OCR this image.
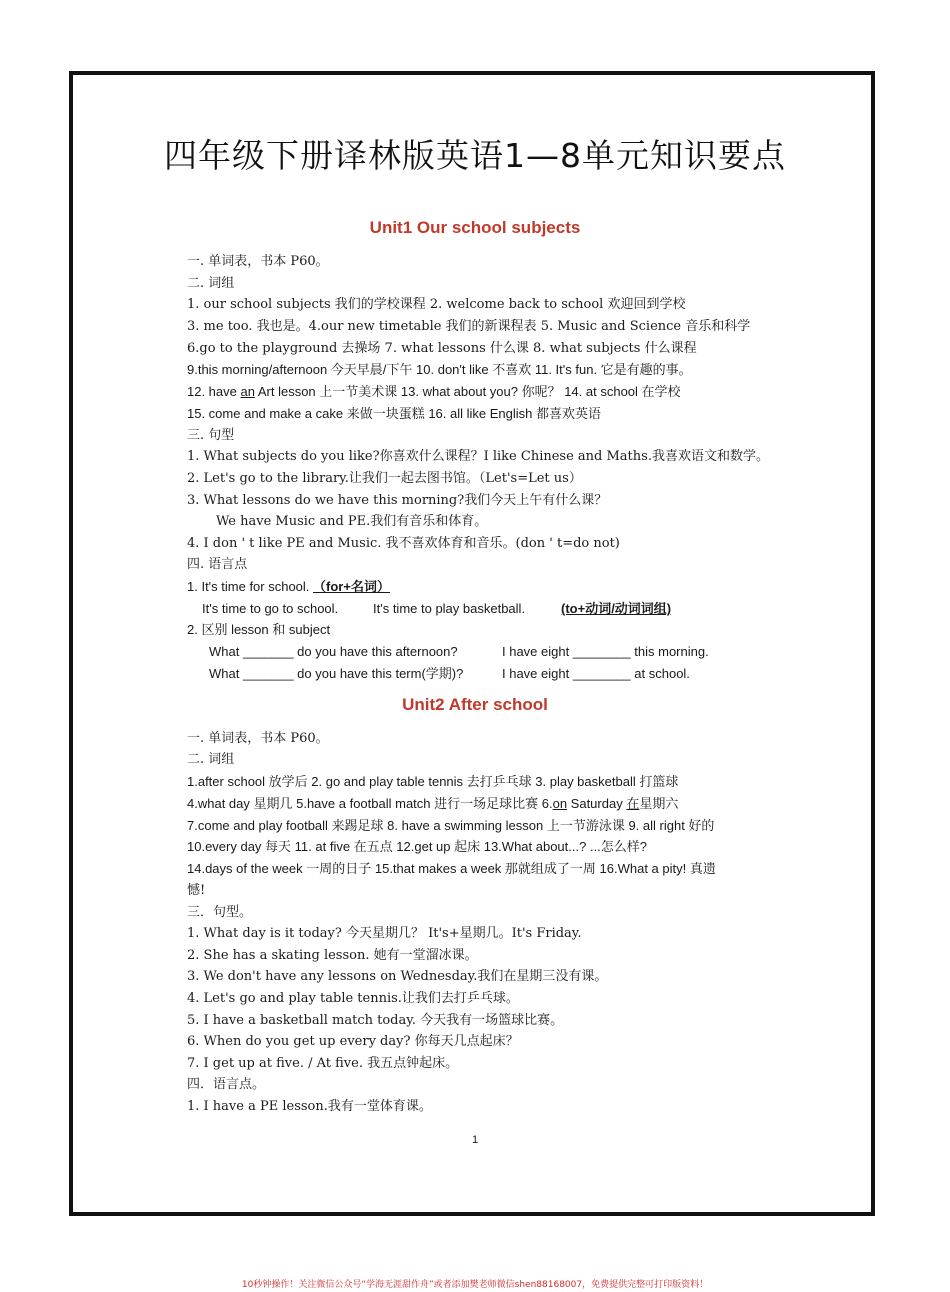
四年级下册译林版英语1—8单元知识要点
Unit1 Our school subjects
一. 单词表，书本 P60。
二. 词组
1. our school subjects 我们的学校课程 2. welcome back to school 欢迎回到学校
3. me too. 我也是。4.our new timetable 我们的新课程表 5. Music and Science 音乐和科学
6.go to the playground 去操场 7. what lessons 什么课 8. what subjects 什么课程
9.this morning/afternoon 今天早晨/下午 10. don't like 不喜欢 11. It's fun. 它是有趣的事。
12. have an Art lesson 上一节美术课 13. what about you? 你呢？ 14. at school 在学校
15. come and make a cake 来做一块蛋糕 16. all like English 都喜欢英语
三. 句型
1. What subjects do you like?你喜欢什么课程？I like Chinese and Maths.我喜欢语文和数学。
2. Let's go to the library.让我们一起去图书馆。（Let's=Let us）
3. What lessons do we have this morning?我们今天上午有什么课？
We have Music and PE.我们有音乐和体育。
4. I don ' t like PE and Music. 我不喜欢体育和音乐。(don ' t=do not)
四. 语言点
1. It's time for school. （for+名词）
It's time to go to school.	It's time to play basketball.	(to+动词/动词词组)
2. 区别 lesson 和 subject
What _______ do you have this afternoon?	I have eight ________ this morning.
What _______ do you have this term(学期)?	I have eight ________ at school.
Unit2 After school
一. 单词表，书本 P60。
二. 词组
1.after school 放学后 2. go and play table tennis 去打乒乓球 3. play basketball 打篮球
4.what day 星期几 5.have a football match 进行一场足球比赛 6.on Saturday 在星期六
7.come and play football 来踢足球 8. have a swimming lesson 上一节游泳课 9. all right 好的
10.every day 每天 11. at five 在五点 12.get up 起床 13.What about...? ...怎么样?
14.days of the week 一周的日子 15.that makes a week 那就组成了一周 16.What a pity! 真遗
憾!
三．句型。
1. What day is it today? 今天星期几？ It's+星期几。It's Friday.
2. She has a skating lesson. 她有一堂溜冰课。
3. We don't have any lessons on Wednesday.我们在星期三没有课。
4. Let's go and play table tennis.让我们去打乒乓球。
5. I have a basketball match today. 今天我有一场篮球比赛。
6. When do you get up every day? 你每天几点起床？
7. I get up at five. / At five. 我五点钟起床。
四．语言点。
1. I have a PE lesson.我有一堂体育课。
1
10秒钟操作！关注微信公众号“学海无涯甜作舟”或者添加樊老师微信shen88168007，免费提供完整可打印版资料！
